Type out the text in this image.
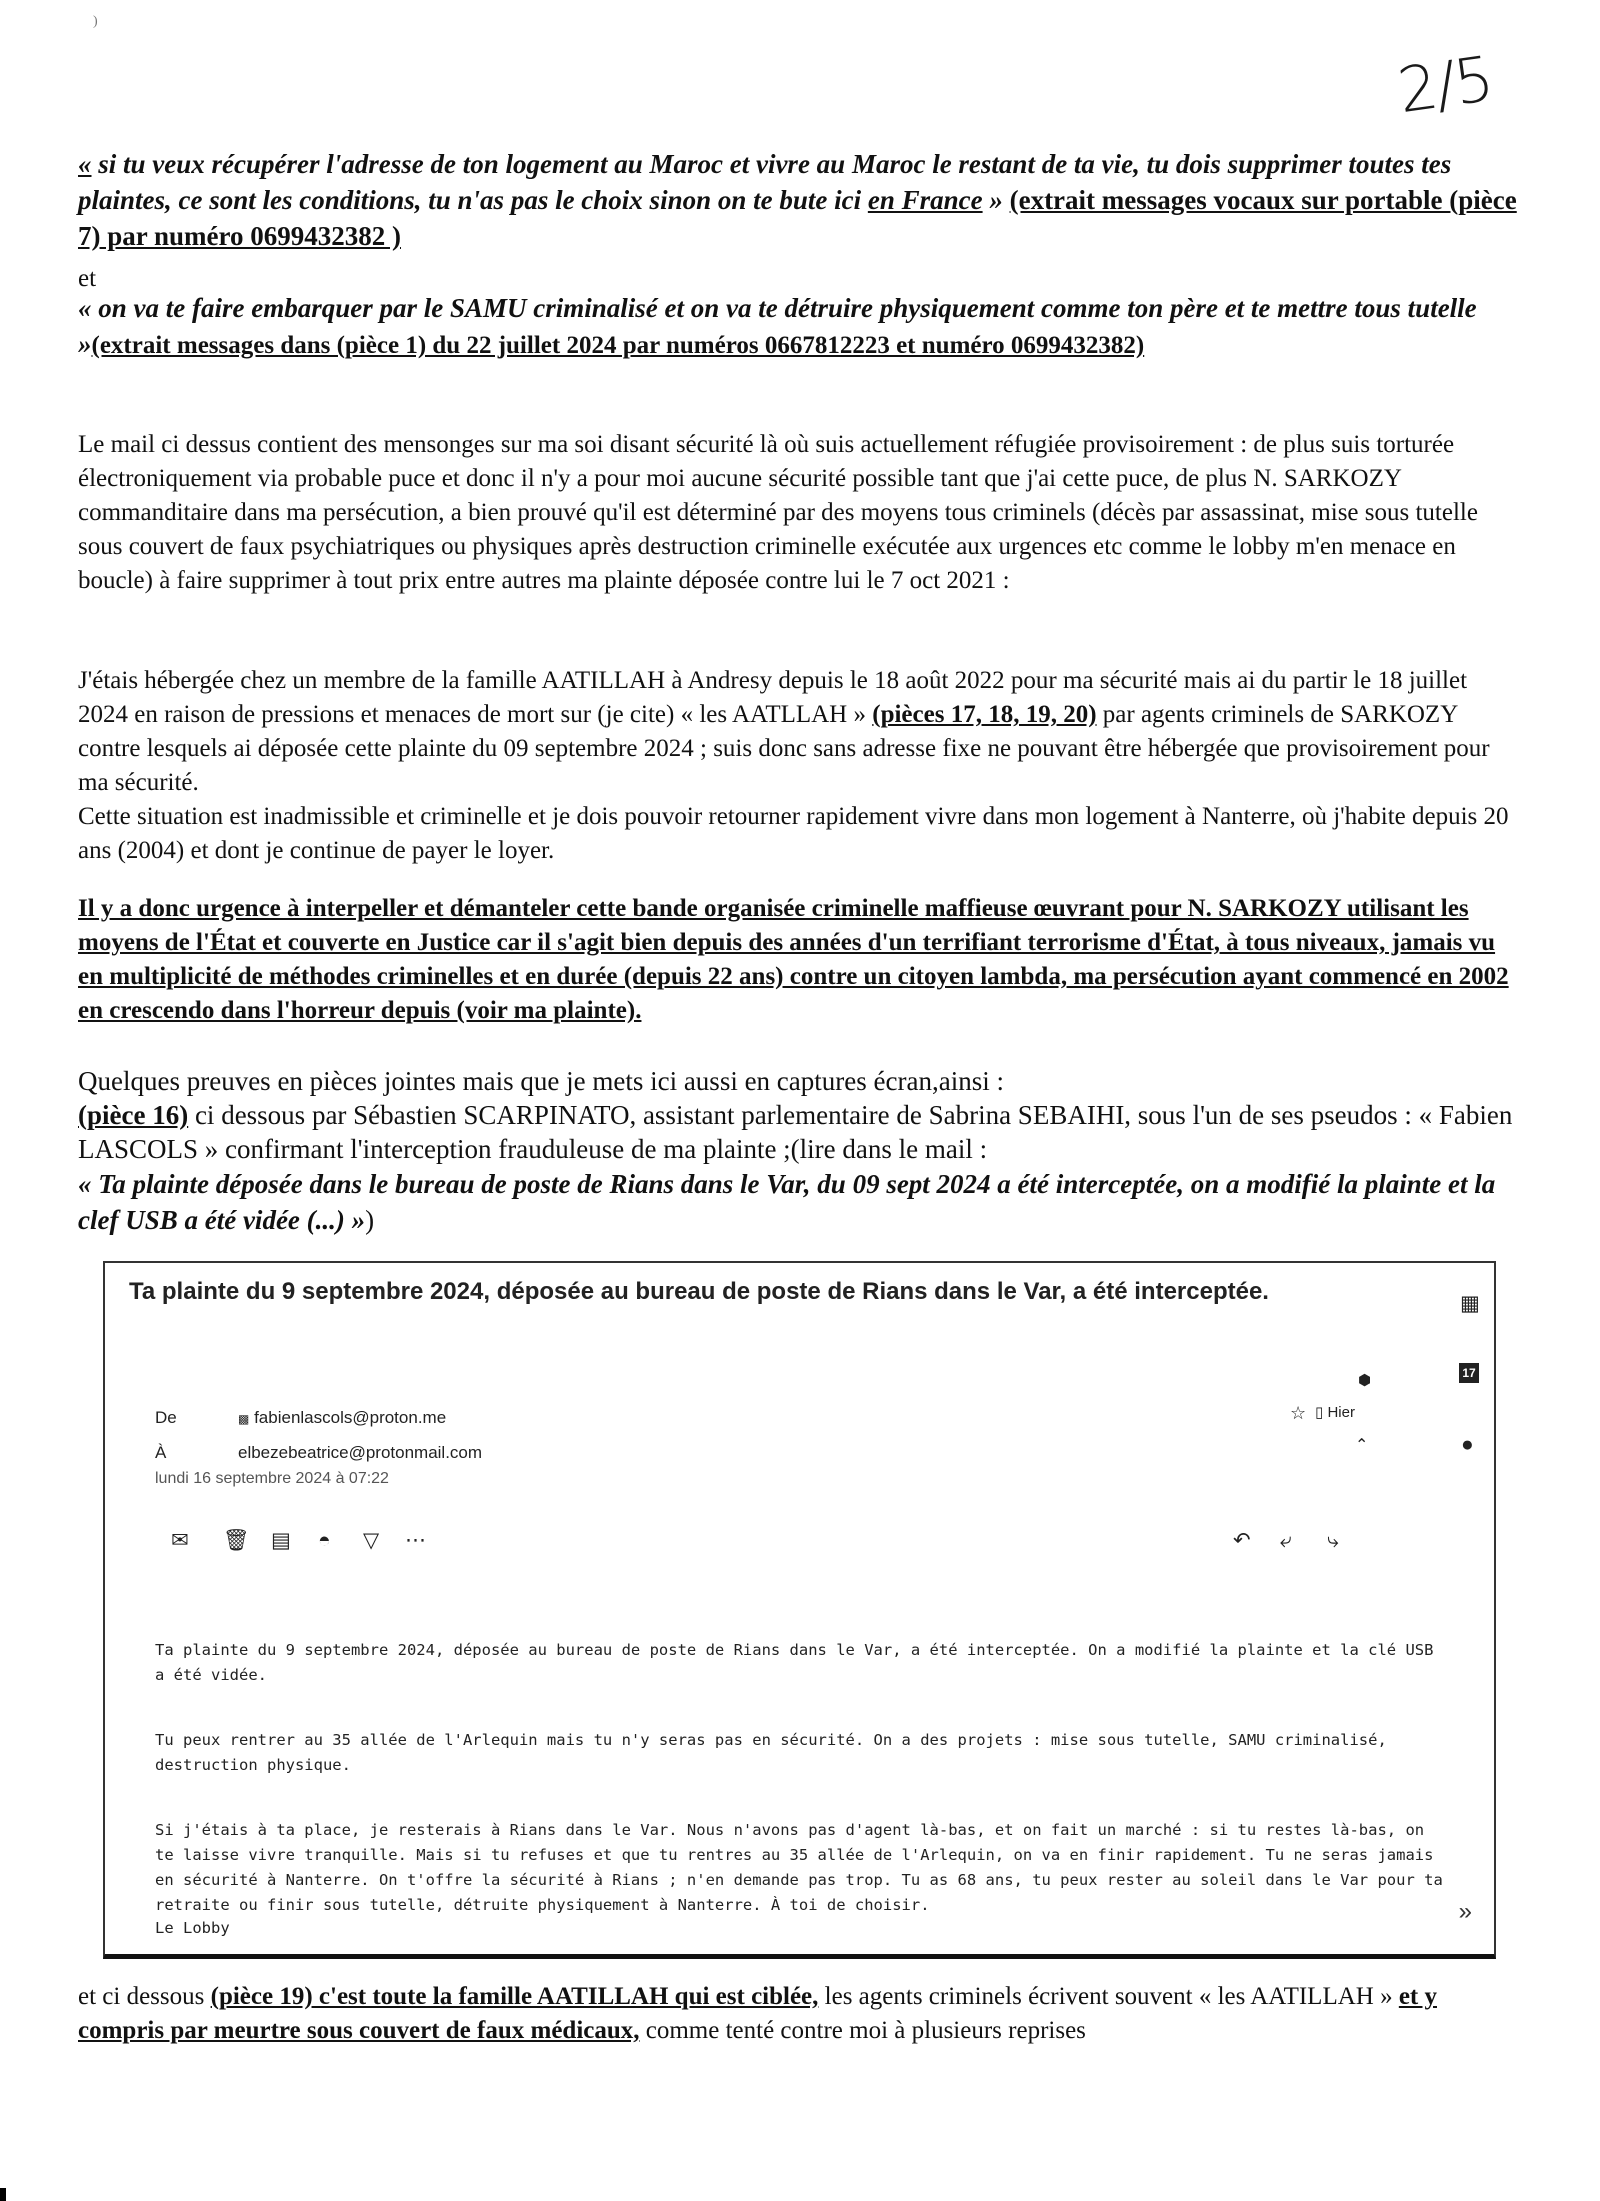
)
2/5

« si tu veux récupérer l'adresse de ton logement au Maroc et vivre au Maroc le restant de ta vie, tu dois supprimer toutes tes plaintes, ce sont les conditions, tu n'as pas le choix sinon on te bute ici en France » (extrait messages vocaux sur portable (pièce 7) par numéro 0699432382 )

et

« on va te faire embarquer par le SAMU criminalisé et on va te détruire physiquement comme ton père et te mettre tous tutelle »(extrait messages dans (pièce 1) du 22 juillet 2024 par numéros 0667812223 et numéro 0699432382)

Le mail ci dessus contient des mensonges sur ma soi disant sécurité là où suis actuellement réfugiée provisoirement : de plus suis torturée électroniquement via probable puce et donc il n'y a pour moi aucune sécurité possible tant que j'ai cette puce, de plus N. SARKOZY commanditaire dans ma persécution, a bien prouvé qu'il est déterminé par des moyens tous criminels (décès par assassinat, mise sous tutelle sous couvert de faux psychiatriques ou physiques après destruction criminelle exécutée aux urgences etc comme le lobby m'en menace en boucle) à faire supprimer à tout prix entre autres ma plainte déposée contre lui le 7 oct 2021 :

J'étais hébergée chez un membre de la famille AATILLAH à Andresy depuis le 18 août 2022 pour ma sécurité mais ai du partir le 18 juillet 2024 en raison de pressions et menaces de mort sur (je cite) « les AATLLAH » (pièces 17, 18, 19, 20) par agents criminels de SARKOZY contre lesquels ai déposée cette plainte du 09 septembre 2024 ; suis donc sans adresse fixe ne pouvant être hébergée que provisoirement pour ma sécurité.
Cette situation est inadmissible et criminelle et je dois pouvoir retourner rapidement vivre dans mon logement à Nanterre, où j'habite depuis 20 ans (2004) et dont je continue de payer le loyer.

Il y a donc urgence à interpeller et démanteler cette bande organisée criminelle maffieuse œuvrant pour N. SARKOZY utilisant les moyens de l'État et couverte en Justice car il s'agit bien depuis des années d'un terrifiant terrorisme d'État, à tous niveaux, jamais vu en multiplicité de méthodes criminelles et en durée (depuis 22 ans) contre un citoyen lambda, ma persécution ayant commencé en 2002 en crescendo dans l'horreur depuis (voir ma plainte).

Quelques preuves en pièces jointes mais que je mets ici aussi en captures écran,ainsi :
(pièce 16) ci dessous par Sébastien SCARPINATO, assistant parlementaire de Sabrina SEBAIHI, sous l'un de ses pseudos : « Fabien LASCOLS » confirmant l'interception frauduleuse de ma plainte ;(lire dans le mail :
« Ta plainte déposée dans le bureau de poste de Rians dans le Var, du 09 sept 2024 a été interceptée, on a modifié la plainte et la clef USB a été vidée (...) »)

Ta plainte du 9 septembre 2024, déposée au bureau de poste de Rians dans le Var, a été interceptée.
De	▩ fabienlascols@proton.me
À	elbezebeatrice@protonmail.com
lundi 16 septembre 2024 à 07:22
☆ ▯ Hier
⌃
⬢
▦
17
●
✉ 🗑 ▤ ◓ ▽ ⋯	↶ ⤶ ⤷

Ta plainte du 9 septembre 2024, déposée au bureau de poste de Rians dans le Var, a été interceptée. On a modifié la plainte et la clé USB a été vidée.

Tu peux rentrer au 35 allée de l'Arlequin mais tu n'y seras pas en sécurité. On a des projets : mise sous tutelle, SAMU criminalisé, destruction physique.

Si j'étais à ta place, je resterais à Rians dans le Var. Nous n'avons pas d'agent là-bas, et on fait un marché : si tu restes là-bas, on te laisse vivre tranquille. Mais si tu refuses et que tu rentres au 35 allée de l'Arlequin, on va en finir rapidement. Tu ne seras jamais en sécurité à Nanterre. On t'offre la sécurité à Rians ; n'en demande pas trop. Tu as 68 ans, tu peux rester au soleil dans le Var pour ta retraite ou finir sous tutelle, détruite physiquement à Nanterre. À toi de choisir.

Le Lobby
»

et ci dessous (pièce 19) c'est toute la famille AATILLAH qui est ciblée, les agents criminels écrivent souvent « les AATILLAH » et y compris par meurtre sous couvert de faux médicaux, comme tenté contre moi à plusieurs reprises
